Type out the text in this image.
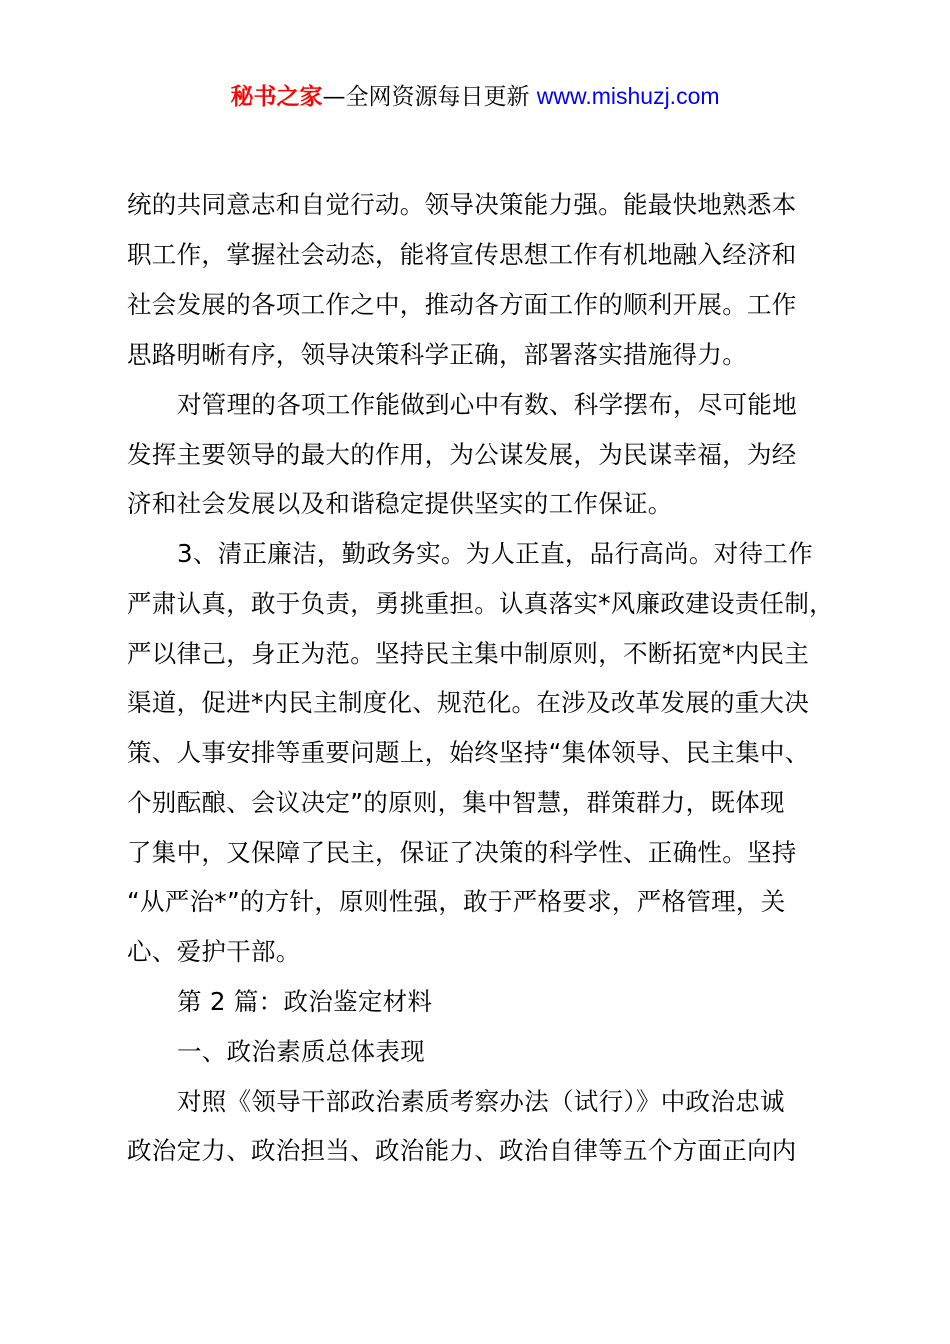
秘书之家—全网资源每日更新 www.mishuzj.com
统的共同意志和自觉行动。领导决策能力强。能最快地熟悉本
职工作，掌握社会动态，能将宣传思想工作有机地融入经济和
社会发展的各项工作之中，推动各方面工作的顺利开展。工作
思路明晰有序，领导决策科学正确，部署落实措施得力。
对管理的各项工作能做到心中有数、科学摆布，尽可能地
发挥主要领导的最大的作用，为公谋发展，为民谋幸福，为经
济和社会发展以及和谐稳定提供坚实的工作保证。
3、清正廉洁，勤政务实。为人正直，品行高尚。对待工作
严肃认真，敢于负责，勇挑重担。认真落实*风廉政建设责任制，
严以律己，身正为范。坚持民主集中制原则，不断拓宽*内民主
渠道，促进*内民主制度化、规范化。在涉及改革发展的重大决
策、人事安排等重要问题上，始终坚持“集体领导、民主集中、
个别酝酿、会议决定”的原则，集中智慧，群策群力，既体现
了集中，又保障了民主，保证了决策的科学性、正确性。坚持
“从严治*”的方针，原则性强，敢于严格要求，严格管理，关
心、爱护干部。
第 2 篇：政治鉴定材料
一、政治素质总体表现
对照《领导干部政治素质考察办法（试行）》中政治忠诚
政治定力、政治担当、政治能力、政治自律等五个方面正向内
